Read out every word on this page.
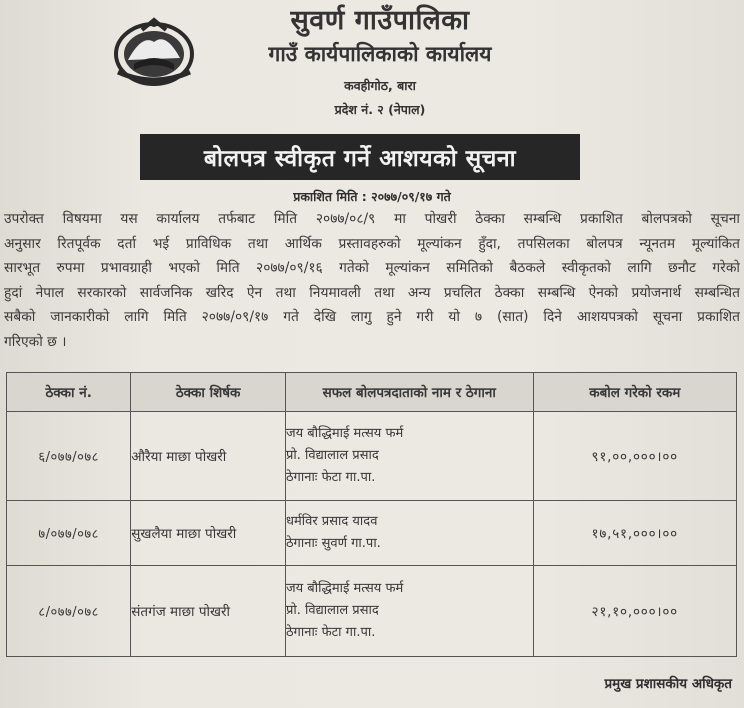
सुवर्ण गाउँपालिका
गाउँ कार्यपालिकाको कार्यालय
कवहीगोठ, बारा
प्रदेश नं. २ (नेपाल)
बोलपत्र स्वीकृत गर्ने आशयको सूचना
प्रकाशित मिति : २०७७/०९/१७ गते
उपरोक्त विषयमा यस कार्यालय तर्फबाट मिति २०७७/०८/९ मा पोखरी ठेक्का सम्बन्धि प्रकाशित बोलपत्रको सूचना
अनुसार रितपूर्वक दर्ता भई प्राविधिक तथा आर्थिक प्रस्तावहरुको मूल्यांकन हुँदा, तपसिलका बोलपत्र न्यूनतम मूल्यांकित
सारभूत रुपमा प्रभावग्राही भएको मिति २०७७/०९/१६ गतेको मूल्यांकन समितिको बैठकले स्वीकृतको लागि छनौट गरेको
हुदां नेपाल सरकारको सार्वजनिक खरिद ऐन तथा नियमावली तथा अन्य प्रचलित ठेक्का सम्बन्धि ऐनको प्रयोजनार्थ सम्बन्धित
सबैको जानकारीको लागि मिति २०७७/०९/१७ गते देखि लागु हुने गरी यो ७ (सात) दिने आशयपत्रको सूचना प्रकाशित
गरिएको छ ।
ठेक्का नं.	ठेक्का शिर्षक	सफल बोलपत्रदाताको नाम र ठेगाना	कबोल गरेको रकम
६/०७७/०७८	औरैया माछा पोखरी	जय बौद्धिमाई मत्सय फर्म
प्रो. विद्यालाल प्रसाद
ठेगानाः फेटा गा.पा.	९१,००,०००।००
७/०७७/०७८	सुखलैया माछा पोखरी	धर्मविर प्रसाद यादव
ठेगानाः सुवर्ण गा.पा.	१७,५१,०००।००
८/०७७/०७८	संतगंज माछा पोखरी	जय बौद्धिमाई मत्सय फर्म
प्रो. विद्यालाल प्रसाद
ठेगानाः फेटा गा.पा.	२१,१०,०००।००
प्रमुख प्रशासकीय अधिकृत
